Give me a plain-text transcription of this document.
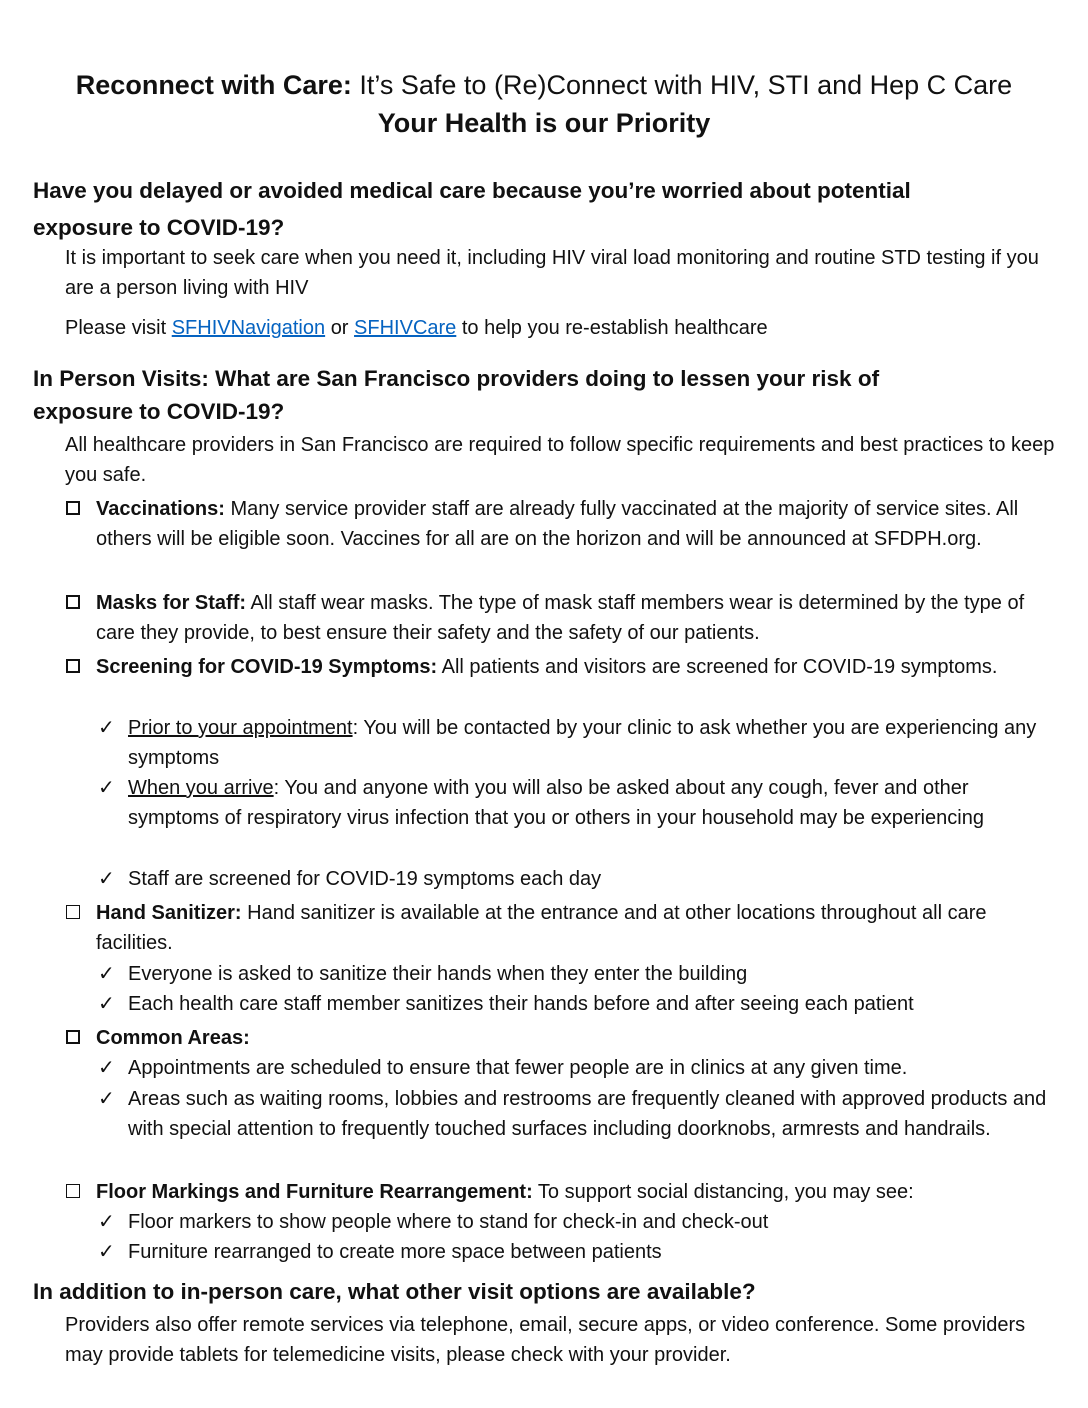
Reconnect with Care: It’s Safe to (Re)Connect with HIV, STI and Hep C Care
Your Health is our Priority
Have you delayed or avoided medical care because you’re worried about potential
exposure to COVID-19?
It is important to seek care when you need it, including HIV viral load monitoring and routine STD testing if you are a person living with HIV
Please visit SFHIVNavigation or SFHIVCare to help you re-establish healthcare
In Person Visits: What are San Francisco providers doing to lessen your risk of
exposure to COVID-19?
All healthcare providers in San Francisco are required to follow specific requirements and best practices to keep you safe.
Vaccinations: Many service provider staff are already fully vaccinated at the majority of service sites. All others will be eligible soon. Vaccines for all are on the horizon and will be announced at SFDPH.org.
Masks for Staff: All staff wear masks. The type of mask staff members wear is determined by the type of care they provide, to best ensure their safety and the safety of our patients.
Screening for COVID-19 Symptoms: All patients and visitors are screened for COVID-19 symptoms.
✓ Prior to your appointment: You will be contacted by your clinic to ask whether you are experiencing any symptoms
✓ When you arrive: You and anyone with you will also be asked about any cough, fever and other symptoms of respiratory virus infection that you or others in your household may be experiencing
✓ Staff are screened for COVID-19 symptoms each day
Hand Sanitizer: Hand sanitizer is available at the entrance and at other locations throughout all care facilities.
✓ Everyone is asked to sanitize their hands when they enter the building
✓ Each health care staff member sanitizes their hands before and after seeing each patient
Common Areas:
✓ Appointments are scheduled to ensure that fewer people are in clinics at any given time.
✓ Areas such as waiting rooms, lobbies and restrooms are frequently cleaned with approved products and with special attention to frequently touched surfaces including doorknobs, armrests and handrails.
Floor Markings and Furniture Rearrangement: To support social distancing, you may see:
✓ Floor markers to show people where to stand for check-in and check-out
✓ Furniture rearranged to create more space between patients
In addition to in-person care, what other visit options are available?
Providers also offer remote services via telephone, email, secure apps, or video conference. Some providers may provide tablets for telemedicine visits, please check with your provider.
